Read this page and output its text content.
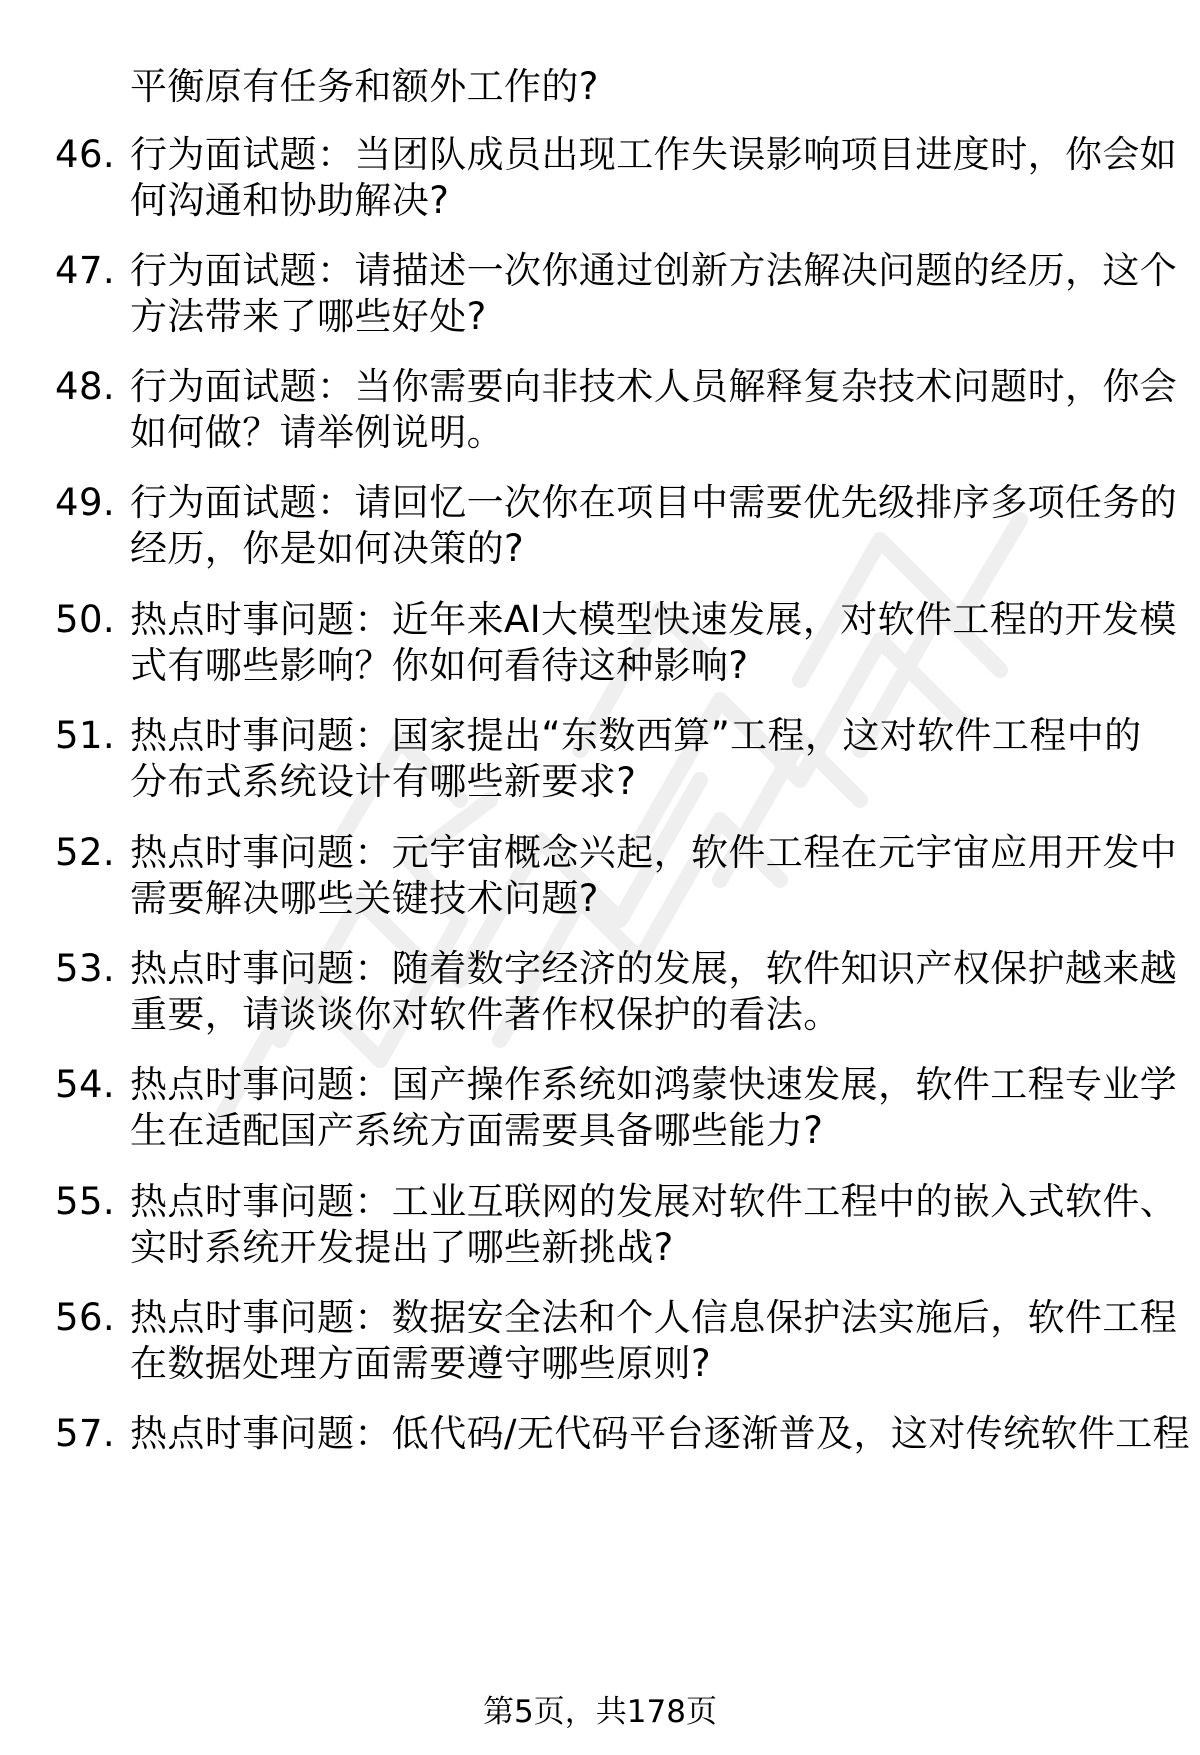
平衡原有任务和额外工作的?
46. 行为面试题：当团队成员出现工作失误影响项目进度时，你会如
何沟通和协助解决?
47. 行为面试题：请描述一次你通过创新方法解决问题的经历，这个
方法带来了哪些好处?
48. 行为面试题：当你需要向非技术人员解释复杂技术问题时，你会
如何做？请举例说明。
49. 行为面试题：请回忆一次你在项目中需要优先级排序多项任务的
经历，你是如何决策的?
50. 热点时事问题：近年来AI大模型快速发展，对软件工程的开发模
式有哪些影响？你如何看待这种影响?
51. 热点时事问题：国家提出“东数西算”工程，这对软件工程中的
分布式系统设计有哪些新要求?
52. 热点时事问题：元宇宙概念兴起，软件工程在元宇宙应用开发中
需要解决哪些关键技术问题?
53. 热点时事问题：随着数字经济的发展，软件知识产权保护越来越
重要，请谈谈你对软件著作权保护的看法。
54. 热点时事问题：国产操作系统如鸿蒙快速发展，软件工程专业学
生在适配国产系统方面需要具备哪些能力?
55. 热点时事问题：工业互联网的发展对软件工程中的嵌入式软件、
实时系统开发提出了哪些新挑战?
56. 热点时事问题：数据安全法和个人信息保护法实施后，软件工程
在数据处理方面需要遵守哪些原则?
57. 热点时事问题：低代码/无代码平台逐渐普及，这对传统软件工程
第5页，共178页
